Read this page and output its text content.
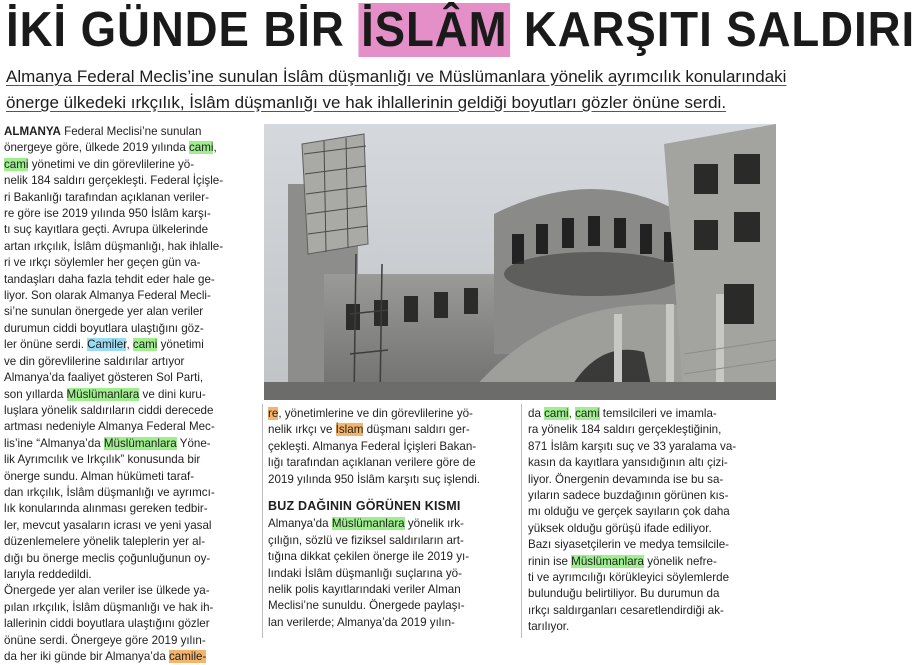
İKİ GÜNDE BİR İSLÂM KARŞITI SALDIRI
Almanya Federal Meclis’ine sunulan İslâm düşmanlığı ve Müslümanlara yönelik ayrımcılık konularındaki
önerge ülkedeki ırkçılık, İslâm düşmanlığı ve hak ihlallerinin geldiği boyutları gözler önüne serdi.
ALMANYA Federal Meclisi’ne sunulan
önergeye göre, ülkede 2019 yılında cami,
cami yönetimi ve din görevlilerine yö-
nelik 184 saldırı gerçekleşti. Federal İçişle-
ri Bakanlığı tarafından açıklanan veriler-
re göre ise 2019 yılında 950 İslâm karşı-
tı suç kayıtlara geçti. Avrupa ülkelerinde
artan ırkçılık, İslâm düşmanlığı, hak ihlalle-
ri ve ırkçı söylemler her geçen gün va-
tandaşları daha fazla tehdit eder hale ge-
liyor. Son olarak Almanya Federal Mecli-
si’ne sunulan önergede yer alan veriler
durumun ciddi boyutlara ulaştığını göz-
ler önüne serdi. Camiler, cami yönetimi
ve din görevlilerine saldırılar artıyor
Almanya’da faaliyet gösteren Sol Parti,
son yıllarda Müslümanlara ve dini kuru-
luşlara yönelik saldırıların ciddi derecede
artması nedeniyle Almanya Federal Mec-
lis’ine “Almanya’da Müslümanlara Yöne-
lik Ayrımcılık ve Irkçılık” konusunda bir
önerge sundu. Alman hükümeti taraf-
dan ırkçılık, İslâm düşmanlığı ve ayrımcı-
lık konularında alınması gereken tedbir-
ler, mevcut yasaların icrası ve yeni yasal
düzenlemelere yönelik taleplerin yer al-
dığı bu önerge meclis çoğunluğunun oy-
larıyla reddedildi.
Önergede yer alan veriler ise ülkede ya-
pılan ırkçılık, İslâm düşmanlığı ve hak ih-
lallerinin ciddi boyutlara ulaştığını gözler
önüne serdi. Önergeye göre 2019 yılın-
da her iki günde bir Almanya’da camile-
re, yönetimlerine ve din görevlilerine yö-
nelik ırkçı ve İslam düşmanı saldırı ger-
çekleşti. Almanya Federal İçişleri Bakan-
lığı tarafından açıklanan verilere göre de
2019 yılında 950 İslâm karşıtı suç işlendi.
BUZ DAĞININ GÖRÜNEN KISMI
Almanya’da Müslümanlara yönelik ırk-
çılığın, sözlü ve fiziksel saldırıların art-
tığına dikkat çekilen önerge ile 2019 yı-
lındaki İslâm düşmanlığı suçlarına yö-
nelik polis kayıtlarındaki veriler Alman
Meclisi’ne sunuldu. Önergede paylaşı-
lan verilerde; Almanya’da 2019 yılın-
da cami, cami temsilcileri ve imamla-
ra yönelik 184 saldırı gerçekleştiğinin,
871 İslâm karşıtı suç ve 33 yaralama va-
kasın da kayıtlara yansıdığının altı çizi-
liyor. Önergenin devamında ise bu sa-
yıların sadece buzdağının görünen kıs-
mı olduğu ve gerçek sayıların çok daha
yüksek olduğu görüşü ifade ediliyor.
Bazı siyasetçilerin ve medya temsilcile-
rinin ise Müslümanlara yönelik nefre-
ti ve ayrımcılığı körükleyici söylemlerde
bulunduğu belirtiliyor. Bu durumun da
ırkçı saldırganları cesaretlendirdiği ak-
tarılıyor.
